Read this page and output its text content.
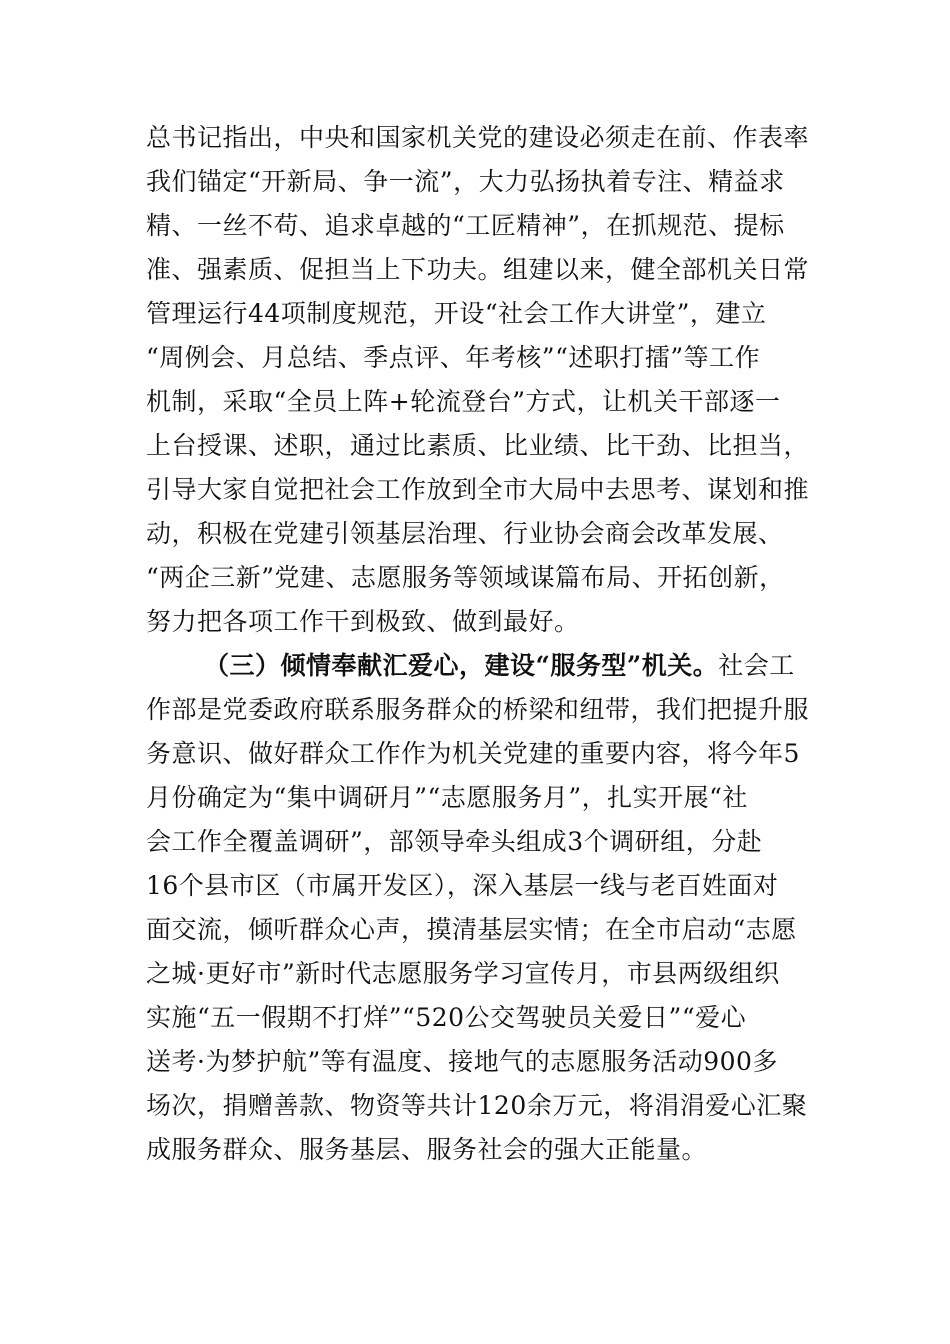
总书记指出，中央和国家机关党的建设必须走在前、作表率
我们锚定“开新局、争一流”，大力弘扬执着专注、精益求
精、一丝不苟、追求卓越的“工匠精神”，在抓规范、提标
准、强素质、促担当上下功夫。组建以来，健全部机关日常
管理运行44项制度规范，开设“社会工作大讲堂”，建立
“周例会、月总结、季点评、年考核”“述职打擂”等工作
机制，采取“全员上阵+轮流登台”方式，让机关干部逐一
上台授课、述职，通过比素质、比业绩、比干劲、比担当，
引导大家自觉把社会工作放到全市大局中去思考、谋划和推
动，积极在党建引领基层治理、行业协会商会改革发展、
“两企三新”党建、志愿服务等领域谋篇布局、开拓创新，
努力把各项工作干到极致、做到最好。
（三）倾情奉献汇爱心，建设“服务型”机关。社会工
作部是党委政府联系服务群众的桥梁和纽带，我们把提升服
务意识、做好群众工作作为机关党建的重要内容，将今年5
月份确定为“集中调研月”“志愿服务月”，扎实开展“社
会工作全覆盖调研”，部领导牵头组成3个调研组，分赴
16个县市区（市属开发区），深入基层一线与老百姓面对
面交流，倾听群众心声，摸清基层实情；在全市启动“志愿
之城·更好市”新时代志愿服务学习宣传月，市县两级组织
实施“五一假期不打烊”“520公交驾驶员关爱日”“爱心
送考·为梦护航”等有温度、接地气的志愿服务活动900多
场次，捐赠善款、物资等共计120余万元，将涓涓爱心汇聚
成服务群众、服务基层、服务社会的强大正能量。
